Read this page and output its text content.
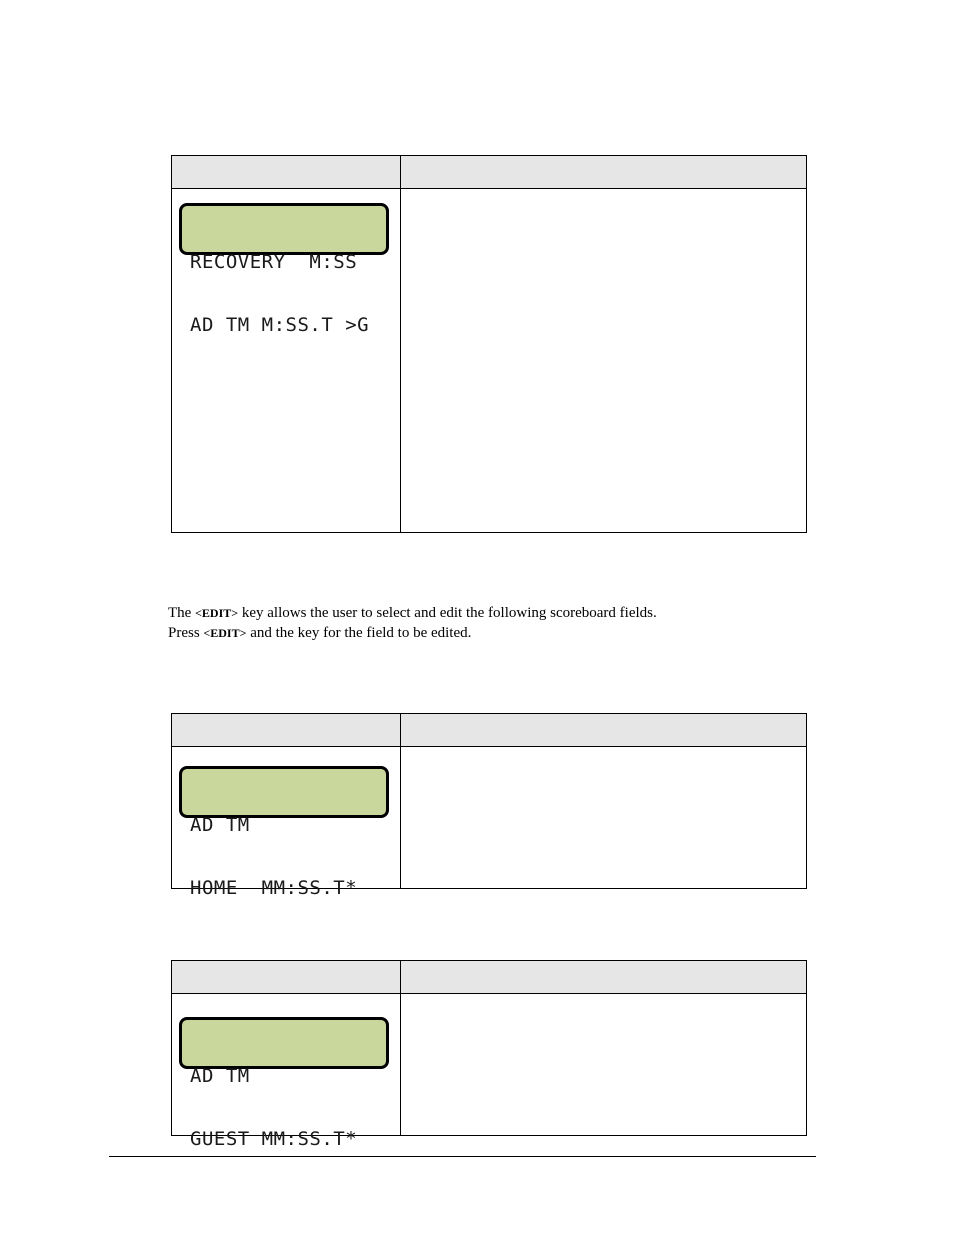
RECOVERY  M:SS

AD TM M:SS.T >G

The <EDIT> key allows the user to select and edit the following scoreboard fields.
Press <EDIT> and the key for the field to be edited.

AD TM

HOME  MM:SS.T*

AD TM

GUEST MM:SS.T*
